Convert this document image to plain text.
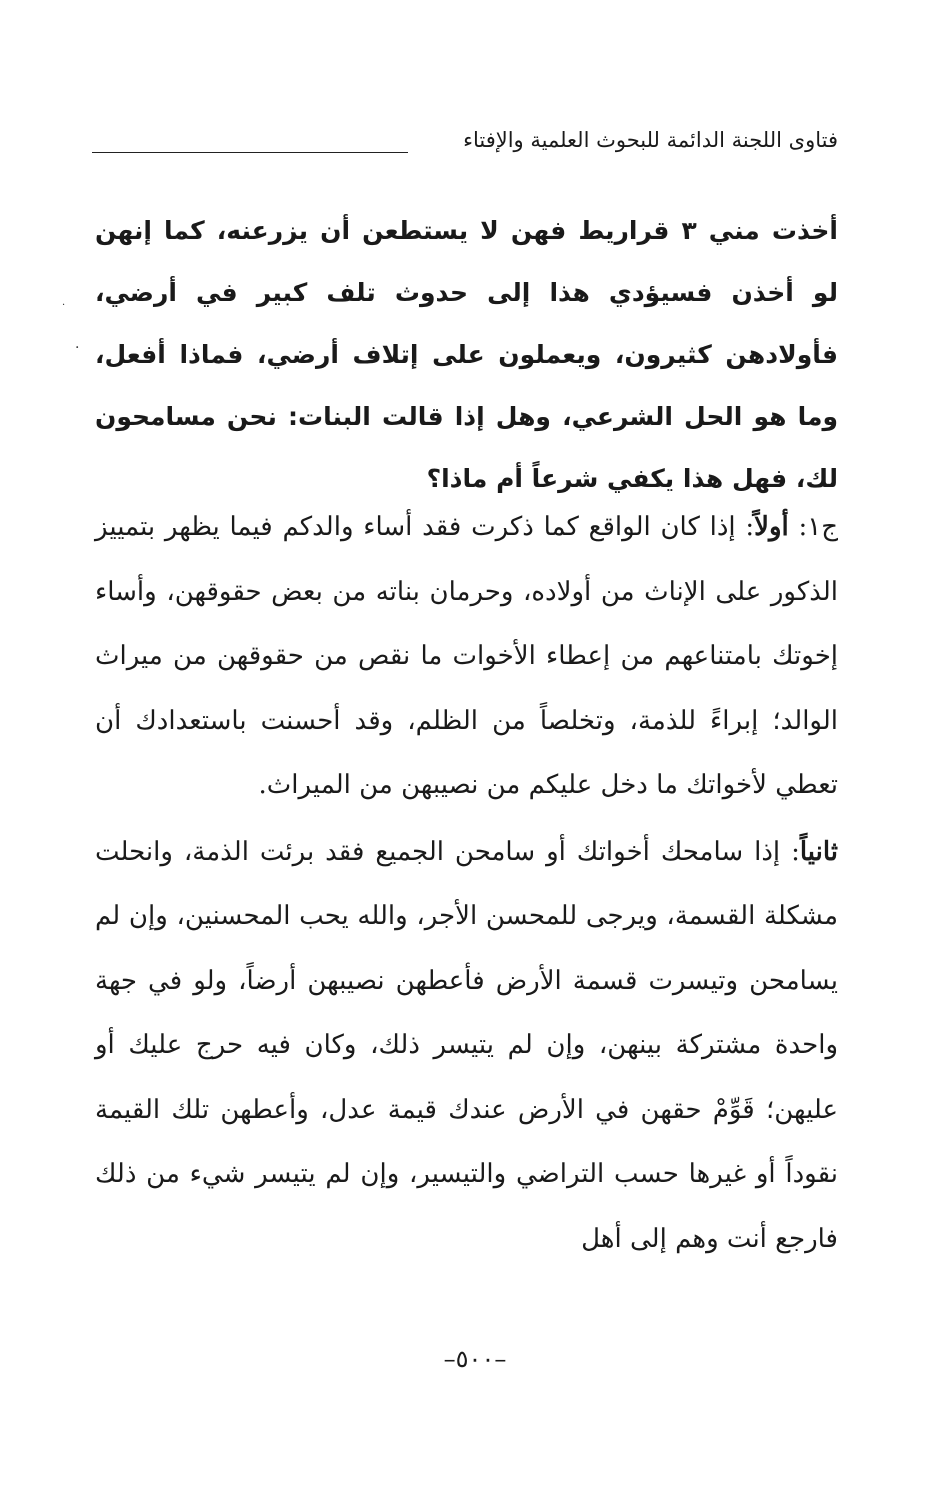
فتاوى اللجنة الدائمة للبحوث العلمية والإفتاء
أخذت مني ٣ قراريط فهن لا يستطعن أن يزرعنه، كما إنهن لو أخذن فسيؤدي هذا إلى حدوث تلف كبير في أرضي، فأولادهن كثيرون، ويعملون على إتلاف أرضي، فماذا أفعل، وما هو الحل الشرعي، وهل إذا قالت البنات: نحن مسامحون لك، فهل هذا يكفي شرعاً أم ماذا؟

ج١: أولاً: إذا كان الواقع كما ذكرت فقد أساء والدكم فيما يظهر بتمييز الذكور على الإناث من أولاده، وحرمان بناته من بعض حقوقهن، وأساء إخوتك بامتناعهم من إعطاء الأخوات ما نقص من حقوقهن من ميراث الوالد؛ إبراءً للذمة، وتخلصاً من الظلم، وقد أحسنت باستعدادك أن تعطي لأخواتك ما دخل عليكم من نصيبهن من الميراث.

ثانياً: إذا سامحك أخواتك أو سامحن الجميع فقد برئت الذمة، وانحلت مشكلة القسمة، ويرجى للمحسن الأجر، والله يحب المحسنين، وإن لم يسامحن وتيسرت قسمة الأرض فأعطهن نصيبهن أرضاً، ولو في جهة واحدة مشتركة بينهن، وإن لم يتيسر ذلك، وكان فيه حرج عليك أو عليهن؛ قَوِّمْ حقهن في الأرض عندك قيمة عدل، وأعطهن تلك القيمة نقوداً أو غيرها حسب التراضي والتيسير، وإن لم يتيسر شيء من ذلك فارجع أنت وهم إلى أهل

–٥٠٠–
·
·
